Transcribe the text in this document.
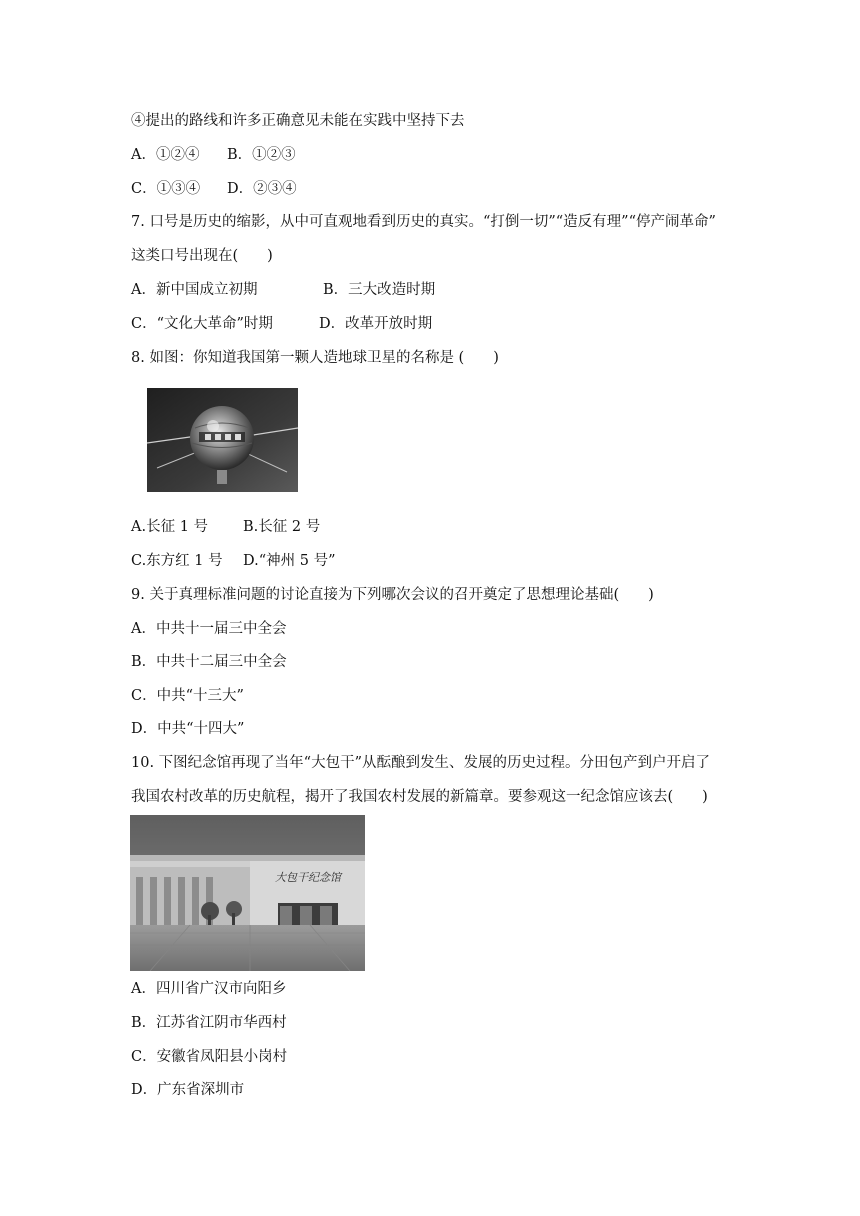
④提出的路线和许多正确意见未能在实践中坚持下去
A．①②④ B．①②③
C．①③④ D．②③④
7. 口号是历史的缩影，从中可直观地看到历史的真实。“打倒一切”“造反有理”“停产闹革命”
这类口号出现在(　　)
A．新中国成立初期	B．三大改造时期
C．“文化大革命”时期	D．改革开放时期
8. 如图：你知道我国第一颗人造地球卫星的名称是 (　　)
A.长征 1 号 B.长征 2 号
C.东方红 1 号 D.“神州 5 号”
9. 关于真理标准问题的讨论直接为下列哪次会议的召开奠定了思想理论基础(　　)
A．中共十一届三中全会
B．中共十二届三中全会
C．中共“十三大”
D．中共“十四大”
10. 下图纪念馆再现了当年“大包干”从酝酿到发生、发展的历史过程。分田包产到户开启了
我国农村改革的历史航程，揭开了我国农村发展的新篇章。要参观这一纪念馆应该去(　　)
大包干纪念馆
A．四川省广汉市向阳乡
B．江苏省江阴市华西村
C．安徽省凤阳县小岗村
D．广东省深圳市
